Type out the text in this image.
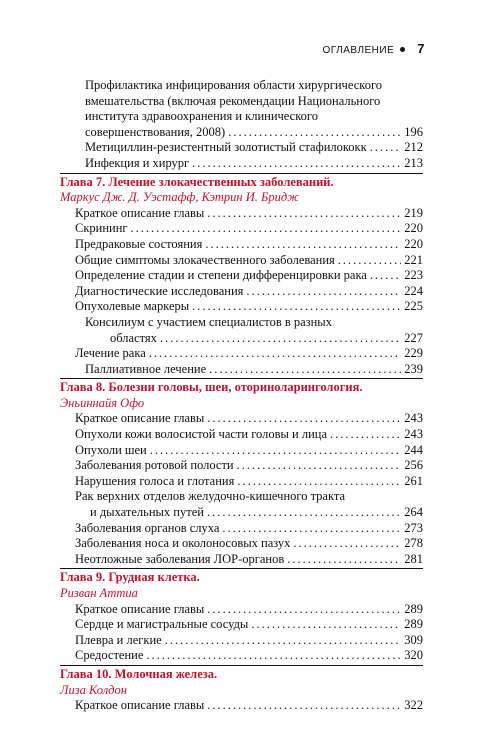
ОГЛАВЛЕНИЕ 7
Профилактика инфицирования области хирургического
вмешательства (включая рекомендации Национального
института здравоохранения и клинического
совершенствования, 2008) .....	196
Метициллин-резистентный золотистый стафилококк .....	212
Инфекция и хирург .....	213
Глава 7. Лечение злокачественных заболеваний.
Маркус Дж. Д. Уэстафф, Кэтрин И. Бридж
Краткое описание главы .....	219
Скрининг .....	220
Предраковые состояния .....	220
Общие симптомы злокачественного заболевания .....	221
Определение стадии и степени дифференцировки рака .....	223
Диагностические исследования .....	224
Опухолевые маркеры .....	225
Консилиум с участием специалистов в разных
областях .....	227
Лечение рака .....	229
Паллиативное лечение .....	239
Глава 8. Болезни головы, шеи, оториноларингология.
Эньиннайя Офо
Краткое описание главы .....	243
Опухоли кожи волосистой части головы и лица .....	243
Опухоли шеи .....	244
Заболевания ротовой полости .....	256
Нарушения голоса и глотания .....	261
Рак верхних отделов желудочно-кишечного тракта
и дыхательных путей .....	264
Заболевания органов слуха .....	273
Заболевания носа и околоносовых пазух .....	278
Неотложные заболевания ЛОР-органов .....	281
Глава 9. Грудная клетка.
Ризван Аттиа
Краткое описание главы .....	289
Сердце и магистральные сосуды .....	289
Плевра и легкие .....	309
Средостение .....	320
Глава 10. Молочная железа.
Лиза Колдон
Краткое описание главы .....	322
